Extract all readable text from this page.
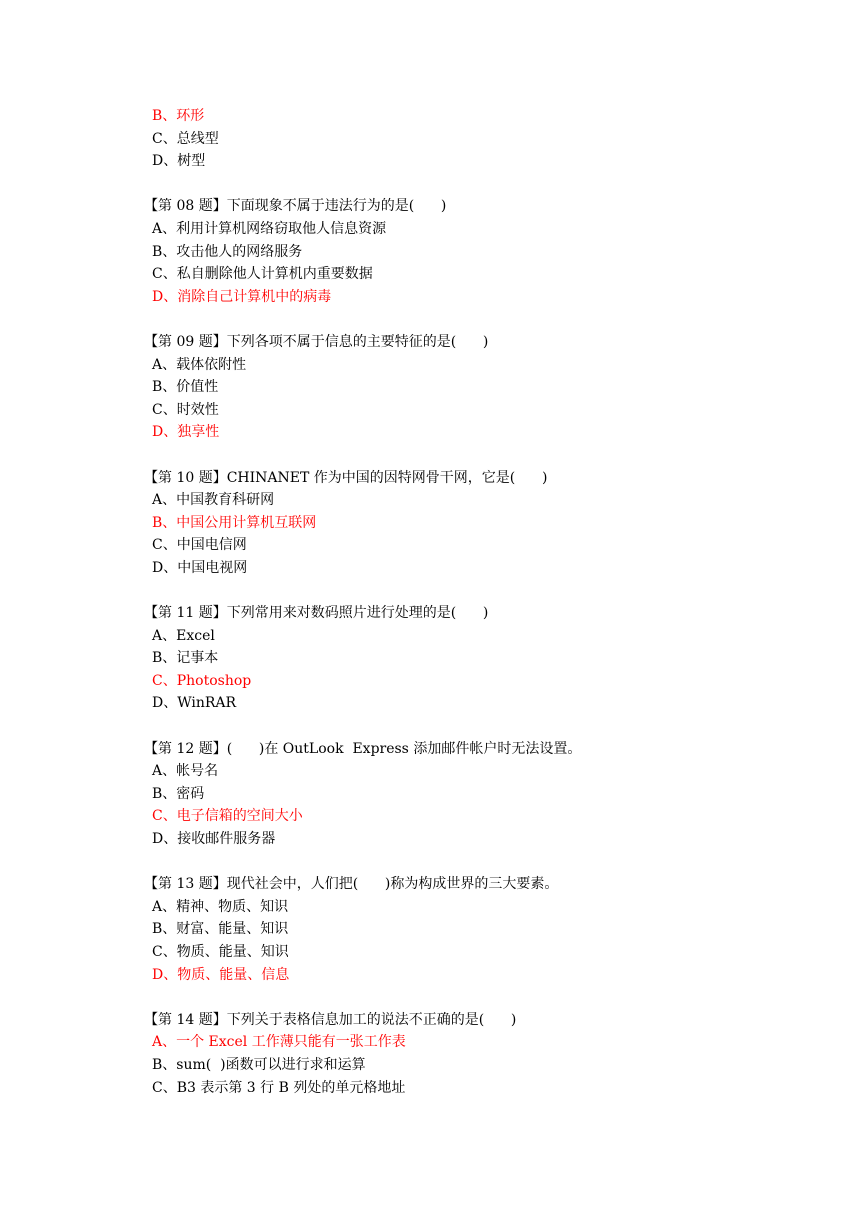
B、环形
C、总线型
D、树型
【第 08 题】下面现象不属于违法行为的是(      )
A、利用计算机网络窃取他人信息资源
B、攻击他人的网络服务
C、私自删除他人计算机内重要数据
D、消除自己计算机中的病毒
【第 09 题】下列各项不属于信息的主要特征的是(      )
A、载体依附性
B、价值性
C、时效性
D、独享性
【第 10 题】CHINANET 作为中国的因特网骨干网，它是(      )
A、中国教育科研网
B、中国公用计算机互联网
C、中国电信网
D、中国电视网
【第 11 题】下列常用来对数码照片进行处理的是(      )
A、Excel
B、记事本
C、Photoshop
D、WinRAR
【第 12 题】(      )在 OutLook  Express 添加邮件帐户时无法设置。
A、帐号名
B、密码
C、电子信箱的空间大小
D、接收邮件服务器
【第 13 题】现代社会中，人们把(      )称为构成世界的三大要素。
A、精神、物质、知识
B、财富、能量、知识
C、物质、能量、知识
D、物质、能量、信息
【第 14 题】下列关于表格信息加工的说法不正确的是(      )
A、一个 Excel 工作薄只能有一张工作表
B、sum(  )函数可以进行求和运算
C、B3 表示第 3 行 B 列处的单元格地址
